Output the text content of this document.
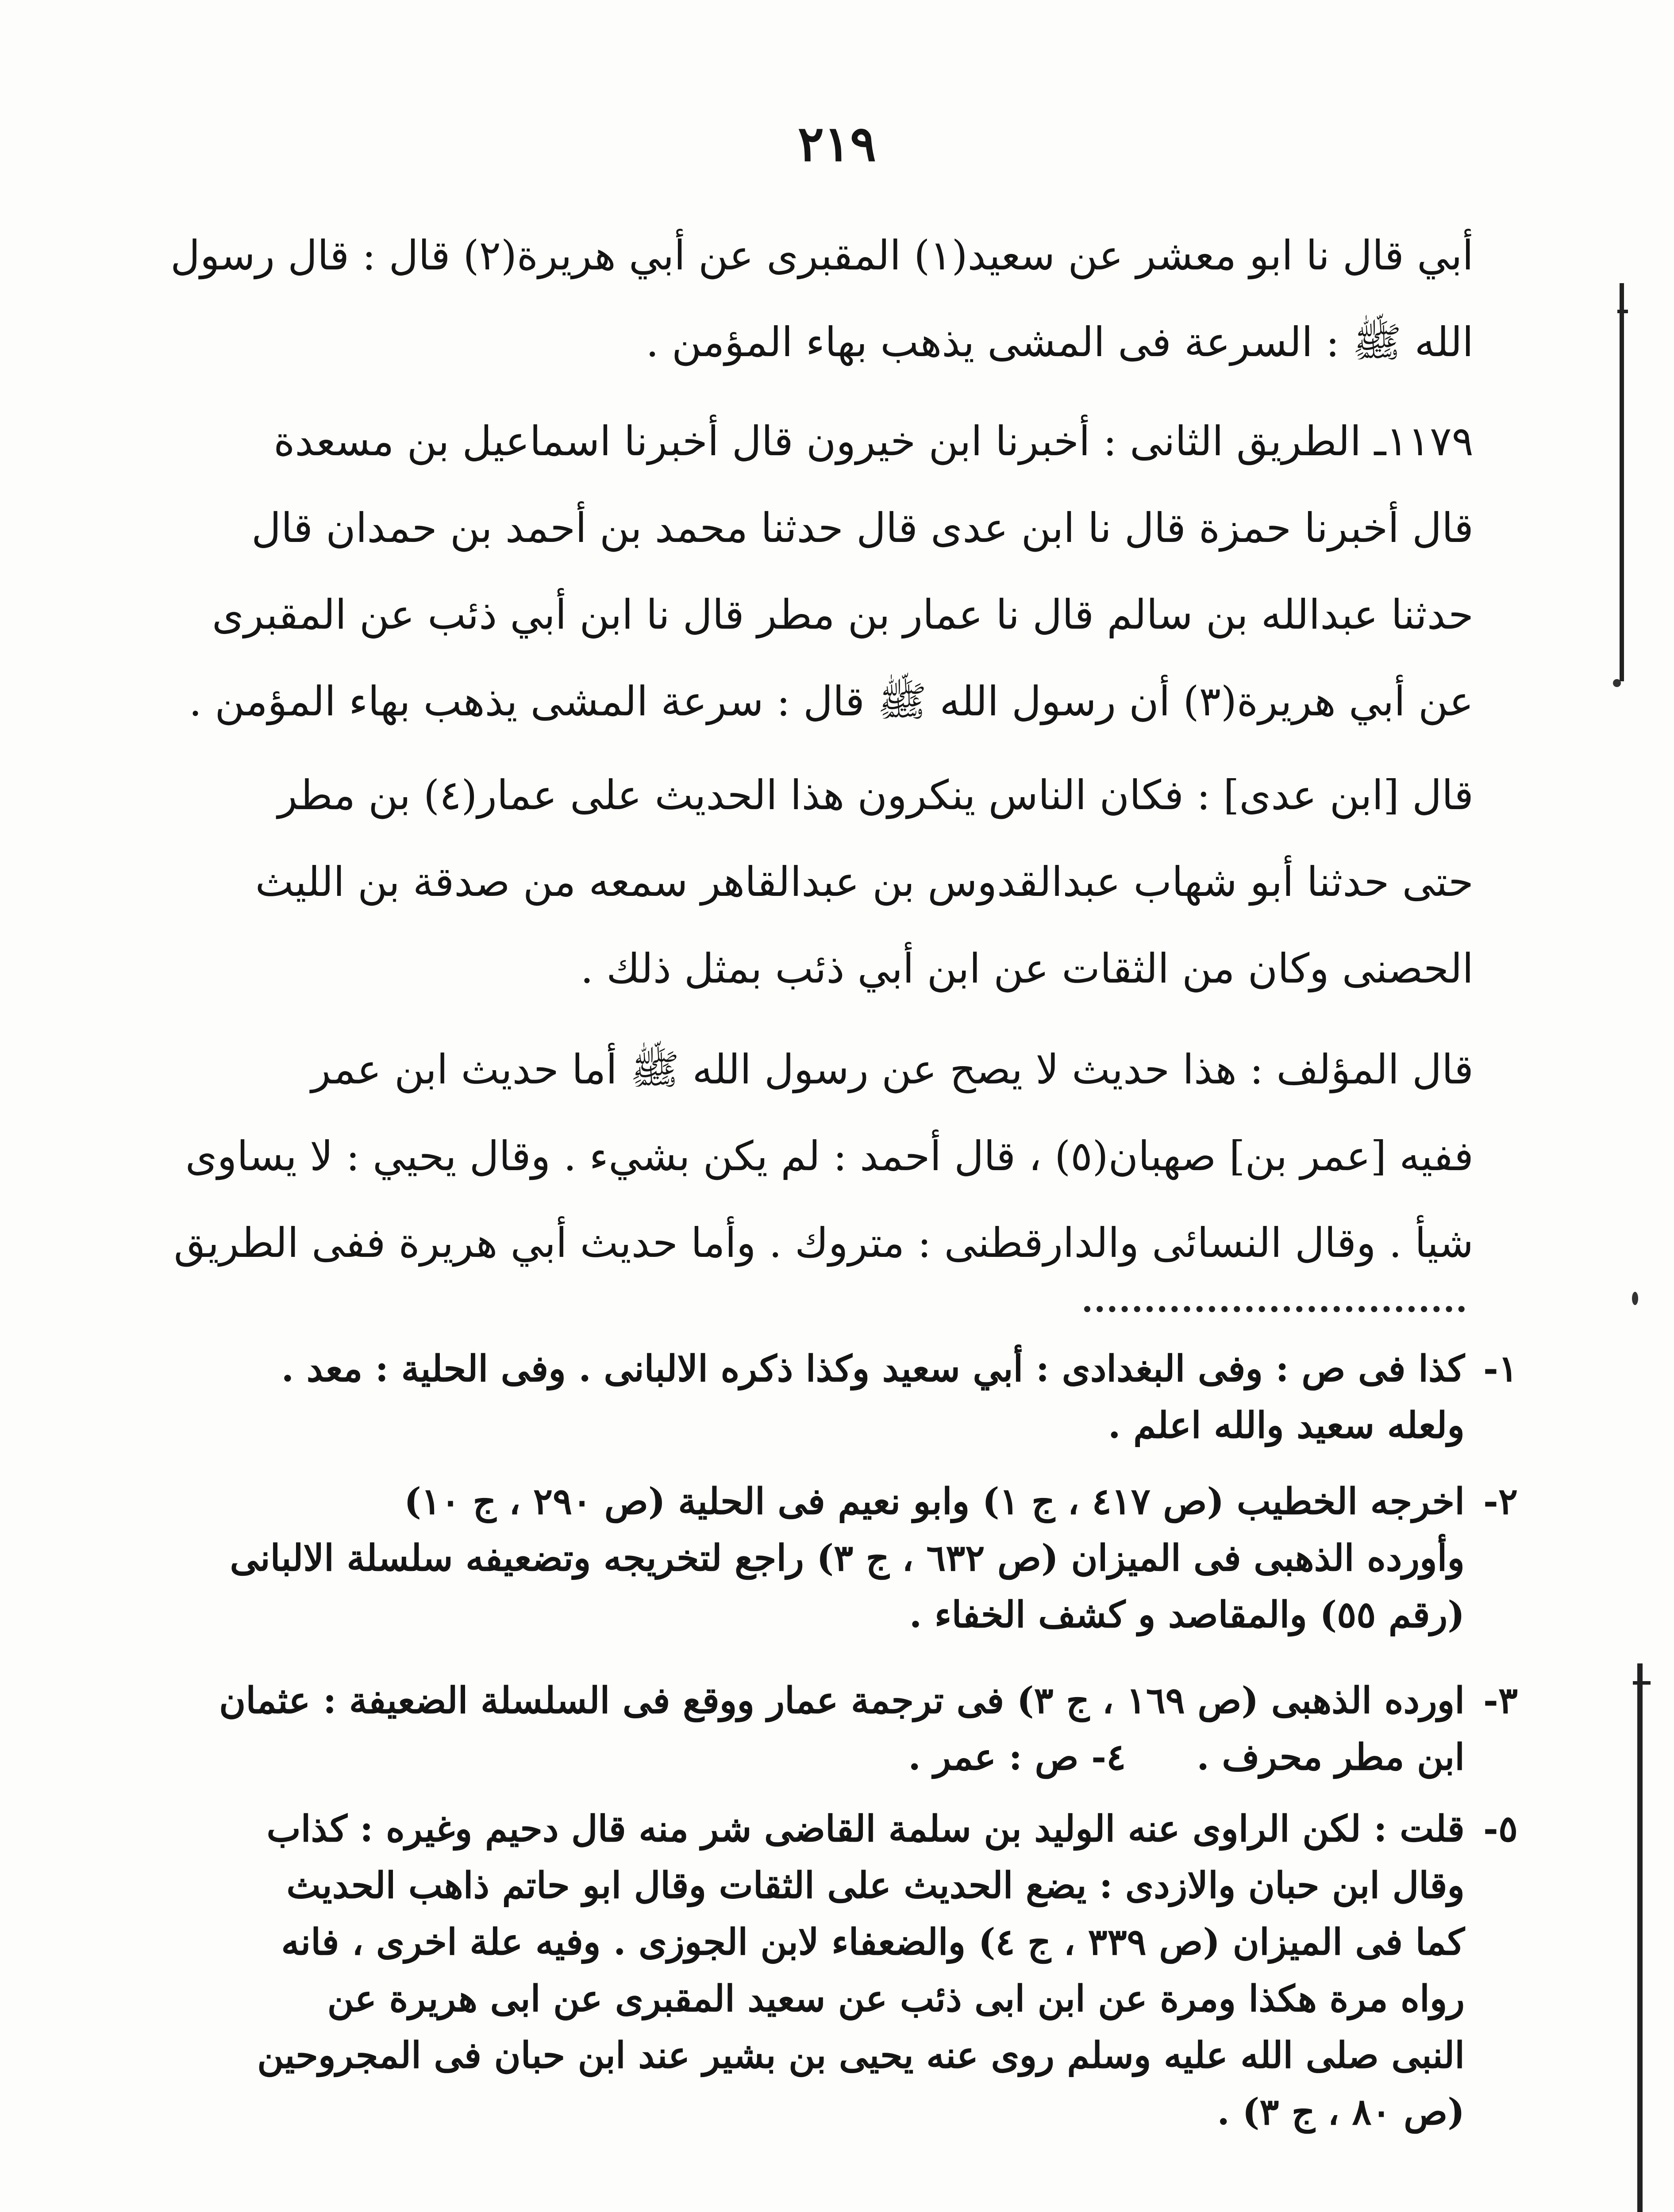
٢١٩

أبي قال نا ابو معشر عن سعيد(١) المقبرى عن أبي هريرة(٢) قال : قال رسول
الله ﷺ : السرعة فى المشى يذهب بهاء المؤمن .

١١٧٩ـ الطريق الثانى : أخبرنا ابن خيرون قال أخبرنا اسماعيل بن مسعدة
قال أخبرنا حمزة قال نا ابن عدى قال حدثنا محمد بن أحمد بن حمدان قال
حدثنا عبدالله بن سالم قال نا عمار بن مطر قال نا ابن أبي ذئب عن المقبرى
عن أبي هريرة(٣) أن رسول الله ﷺ قال : سرعة المشى يذهب بهاء المؤمن .

قال [ابن عدى] : فكان الناس ينكرون هذا الحديث على عمار(٤) بن مطر
حتى حدثنا أبو شهاب عبدالقدوس بن عبدالقاهر سمعه من صدقة بن الليث
الحصنى وكان من الثقات عن ابن أبي ذئب بمثل ذلك .

قال المؤلف : هذا حديث لا يصح عن رسول الله ﷺ أما حديث ابن عمر
ففيه [عمر بن] صهبان(٥) ، قال أحمد : لم يكن بشيء . وقال يحيي : لا يساوى
شيأ . وقال النسائى والدارقطنى : متروك . وأما حديث أبي هريرة ففى الطريق

١-
كذا فى ص : وفى البغدادى : أبي سعيد وكذا ذكره الالبانى . وفى الحلية : معد .
ولعله سعيد والله اعلم .
٢-
اخرجه الخطيب (ص ٤١٧ ، ج ١) وابو نعيم فى الحلية (ص ٢٩٠ ، ج ١٠)
وأورده الذهبى فى الميزان (ص ٦٣٢ ، ج ٣) راجع لتخريجه وتضعيفه سلسلة الالبانى
(رقم ٥٥) والمقاصد و كشف الخفاء .
٣-
اورده الذهبى (ص ١٦٩ ، ج ٣) فى ترجمة عمار ووقع فى السلسلة الضعيفة : عثمان
ابن مطر محرف .٤- ص : عمر .
٥-
قلت : لكن الراوى عنه الوليد بن سلمة القاضى شر منه قال دحيم وغيره : كذاب
وقال ابن حبان والازدى : يضع الحديث على الثقات وقال ابو حاتم ذاهب الحديث
كما فى الميزان (ص ٣٣٩ ، ج ٤) والضعفاء لابن الجوزى . وفيه علة اخرى ، فانه
رواه مرة هكذا ومرة عن ابن ابى ذئب عن سعيد المقبرى عن ابى هريرة عن
النبى صلى الله عليه وسلم روى عنه يحيى بن بشير عند ابن حبان فى المجروحين
(ص ٨٠ ، ج ٣) .
